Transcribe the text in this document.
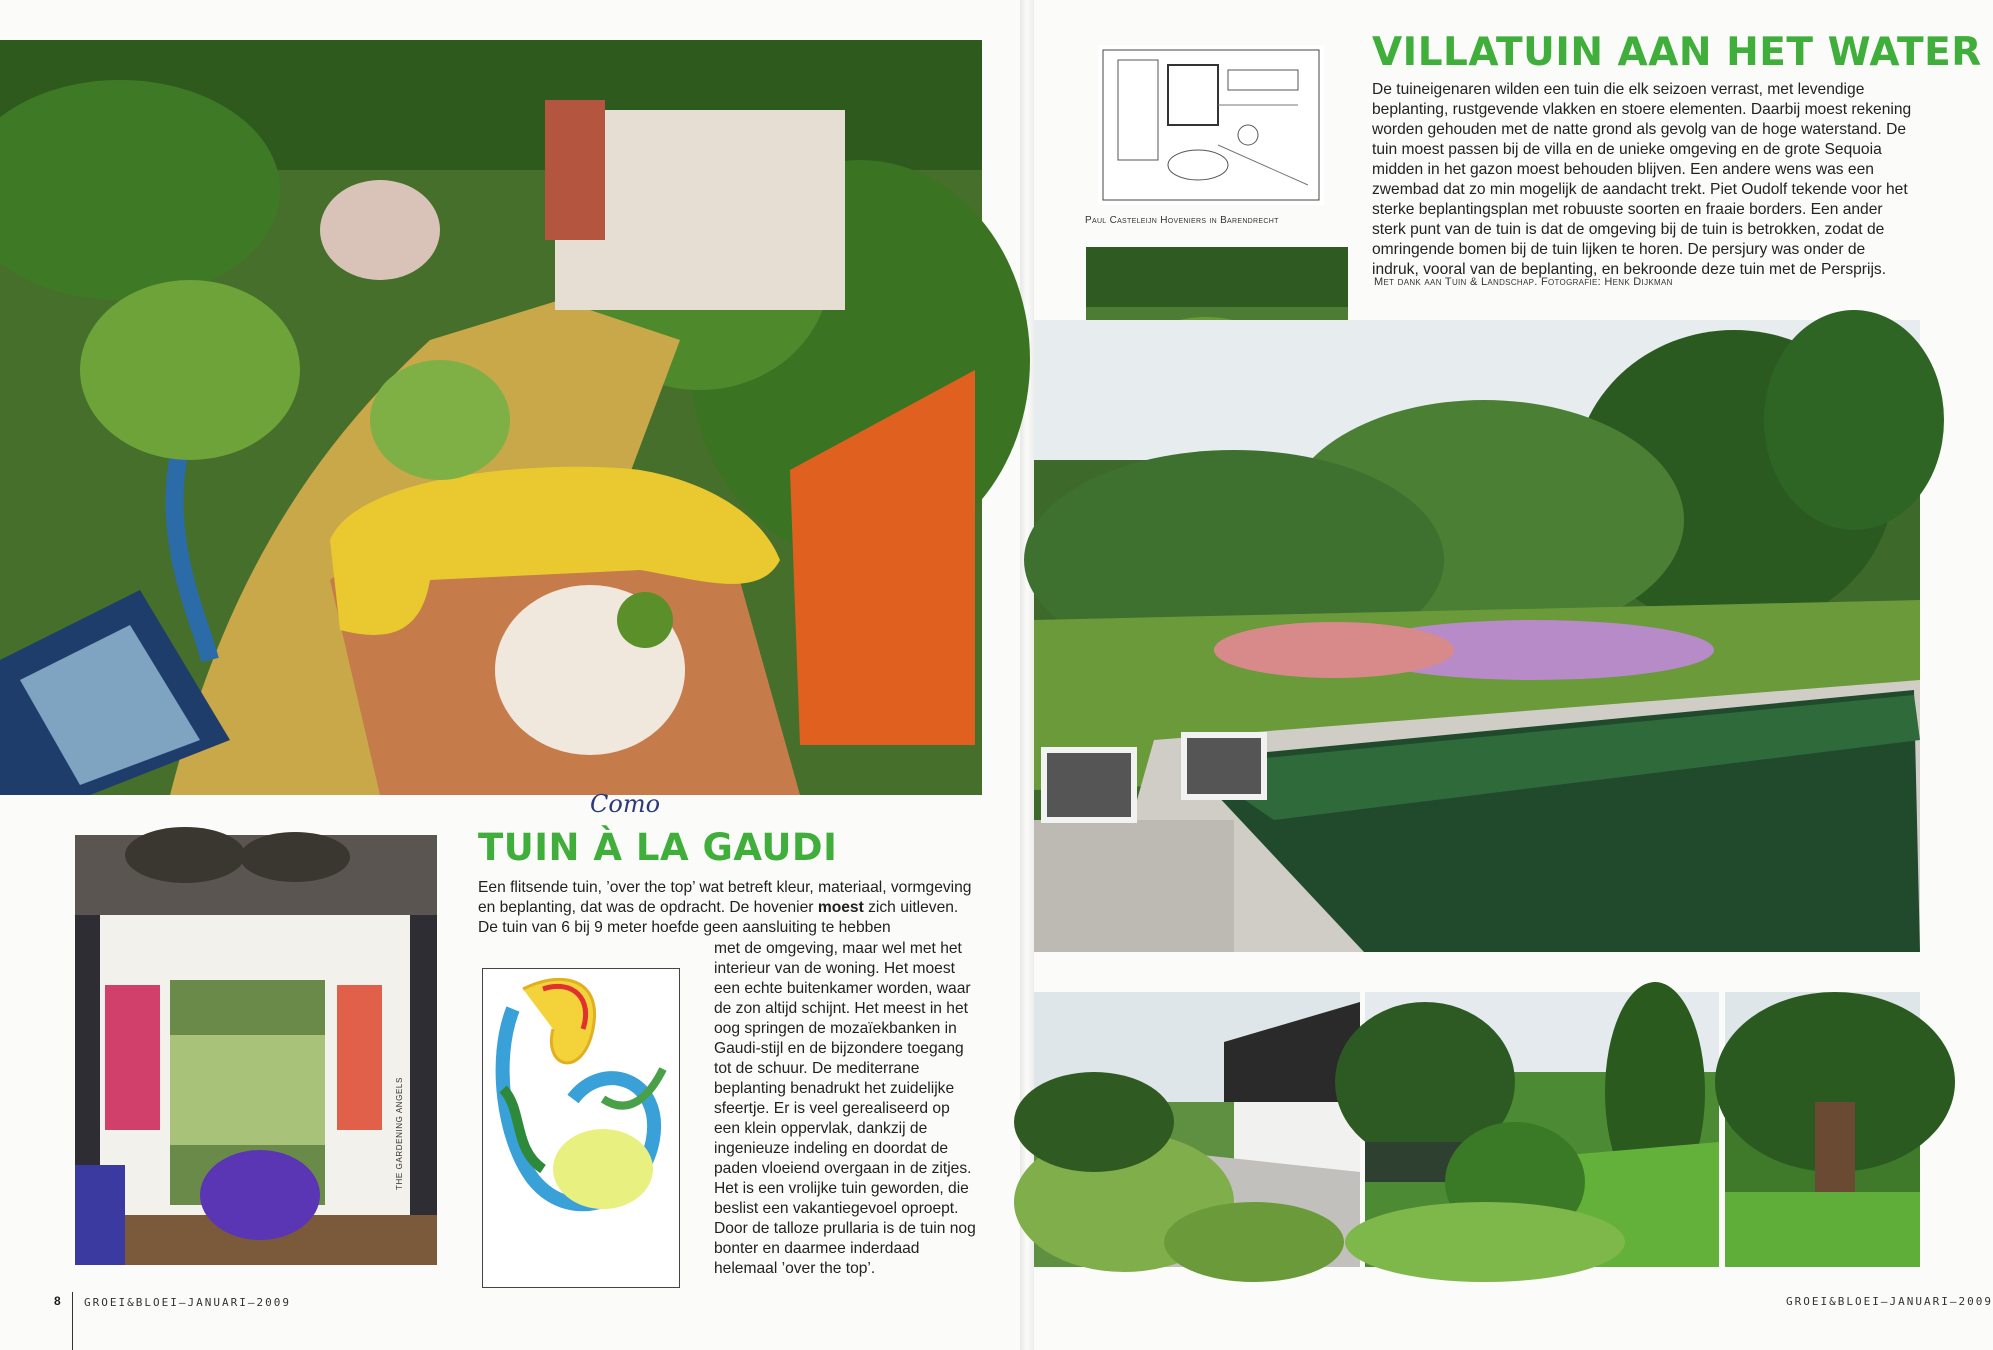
TUIN À LA GAUDI
Como
Een flitsende tuin, ’over the top’ wat betreft kleur, materiaal, vormgeving en beplanting, dat was de opdracht. De hovenier moest zich uitleven. De tuin van 6 bij 9 meter hoefde geen aansluiting te hebben
met de omgeving, maar wel met het interieur van de woning. Het moest een echte buitenkamer worden, waar de zon altijd schijnt. Het meest in het oog springen de mozaïekbanken in Gaudi-stijl en de bijzondere toegang tot de schuur. De mediterrane beplanting benadrukt het zuidelijke sfeertje. Er is veel gerealiseerd op een klein oppervlak, dankzij de ingenieuze indeling en doordat de paden vloeiend overgaan in de zitjes. Het is een vrolijke tuin geworden, die beslist een vakantiegevoel oproept. Door de talloze prullaria is de tuin nog bonter en daarmee inderdaad helemaal ’over the top’.
THE GARDENING ANGELS
8 GROEI&BLOEI–JANUARI–2009
Paul Casteleijn Hoveniers in Barendrecht
VILLATUIN AAN HET WATER
De tuineigenaren wilden een tuin die elk seizoen verrast, met levendige beplanting, rustgevende vlakken en stoere elementen. Daarbij moest rekening worden gehouden met de natte grond als gevolg van de hoge waterstand. De tuin moest passen bij de villa en de unieke omgeving en de grote Sequoia midden in het gazon moest behouden blijven. Een andere wens was een zwembad dat zo min mogelijk de aandacht trekt. Piet Oudolf tekende voor het sterke beplantingsplan met robuuste soorten en fraaie borders. Een ander sterk punt van de tuin is dat de omgeving bij de tuin is betrokken, zodat de omringende bomen bij de tuin lijken te horen. De persjury was onder de indruk, vooral van de beplanting, en bekroonde deze tuin met de Persprijs.
Met dank aan Tuin & Landschap. Fotografie: Henk Dijkman
GROEI&BLOEI–JANUARI–2009
